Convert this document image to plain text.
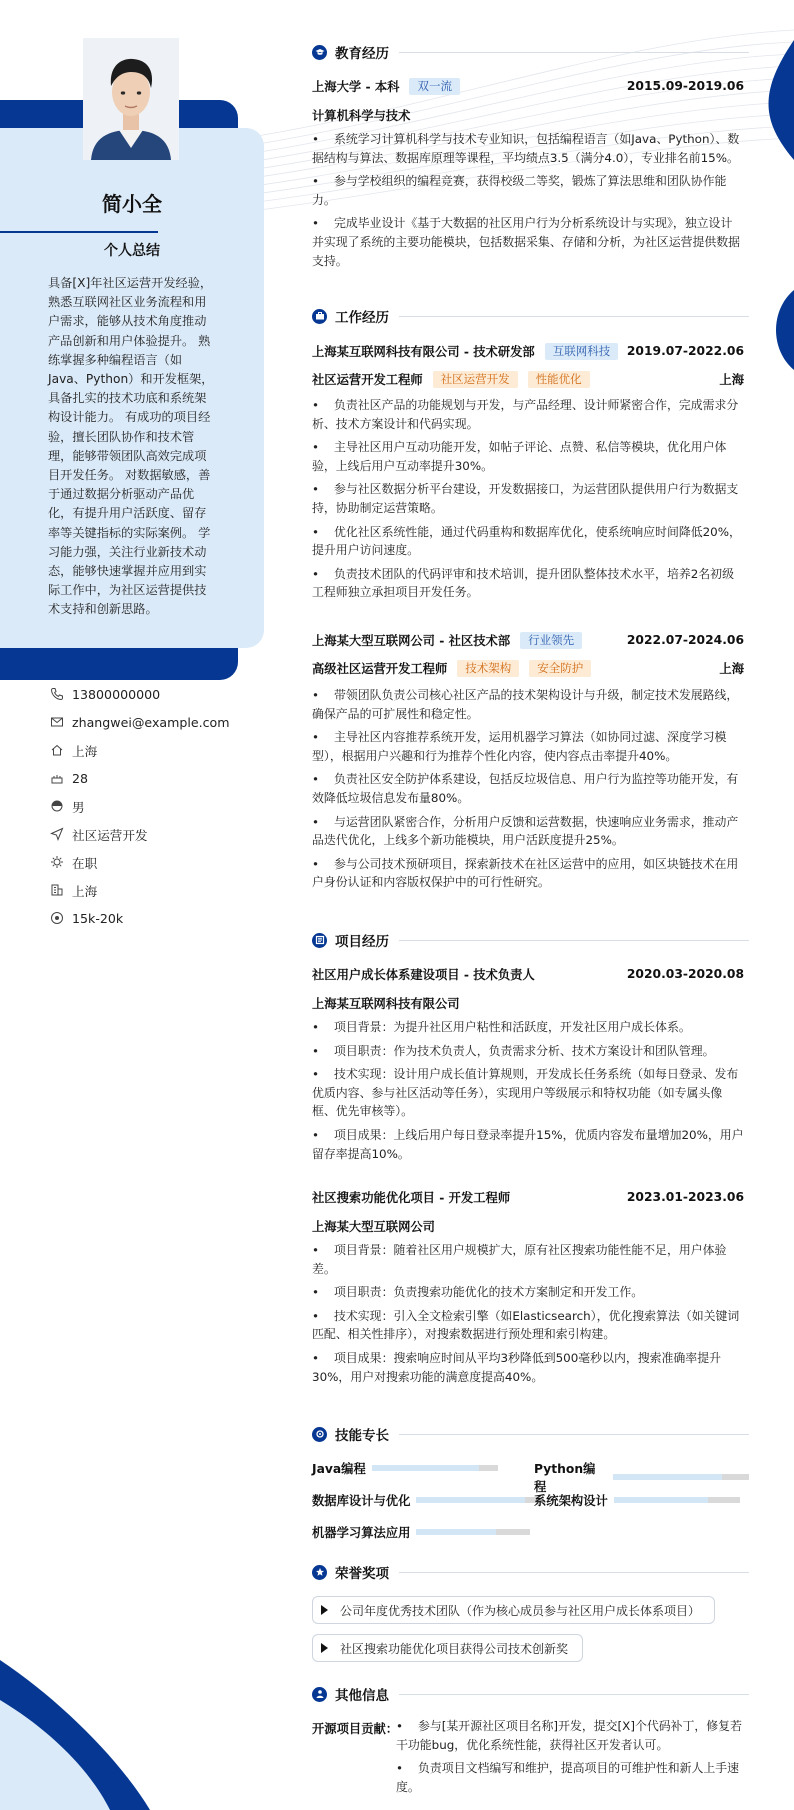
简小全
个人总结
具备[X]年社区运营开发经验，熟悉互联网社区业务流程和用户需求，能够从技术角度推动产品创新和用户体验提升。 熟练掌握多种编程语言（如Java、Python）和开发框架，具备扎实的技术功底和系统架构设计能力。 有成功的项目经验，擅长团队协作和技术管理，能够带领团队高效完成项目开发任务。 对数据敏感，善于通过数据分析驱动产品优化，有提升用户活跃度、留存率等关键指标的实际案例。 学习能力强，关注行业新技术动态，能够快速掌握并应用到实际工作中，为社区运营提供技术支持和创新思路。
13800000000
zhangwei@example.com
上海
28
男
社区运营开发
在职
上海
15k-20k
教育经历
上海大学 - 本科	双一流	2015.09-2019.06
计算机科学与技术
• 系统学习计算机科学与技术专业知识，包括编程语言（如Java、Python）、数据结构与算法、数据库原理等课程，平均绩点3.5（满分4.0），专业排名前15%。
• 参与学校组织的编程竞赛，获得校级二等奖，锻炼了算法思维和团队协作能力。
• 完成毕业设计《基于大数据的社区用户行为分析系统设计与实现》，独立设计并实现了系统的主要功能模块，包括数据采集、存储和分析，为社区运营提供数据支持。
工作经历
上海某互联网科技有限公司 - 技术研发部	互联网科技	2019.07-2022.06
社区运营开发工程师	社区运营开发	性能优化	上海
• 负责社区产品的功能规划与开发，与产品经理、设计师紧密合作，完成需求分析、技术方案设计和代码实现。
• 主导社区用户互动功能开发，如帖子评论、点赞、私信等模块，优化用户体验，上线后用户互动率提升30%。
• 参与社区数据分析平台建设，开发数据接口，为运营团队提供用户行为数据支持，协助制定运营策略。
• 优化社区系统性能，通过代码重构和数据库优化，使系统响应时间降低20%，提升用户访问速度。
• 负责技术团队的代码评审和技术培训，提升团队整体技术水平，培养2名初级工程师独立承担项目开发任务。
上海某大型互联网公司 - 社区技术部	行业领先	2022.07-2024.06
高级社区运营开发工程师	技术架构	安全防护	上海
• 带领团队负责公司核心社区产品的技术架构设计与升级，制定技术发展路线，确保产品的可扩展性和稳定性。
• 主导社区内容推荐系统开发，运用机器学习算法（如协同过滤、深度学习模型），根据用户兴趣和行为推荐个性化内容，使内容点击率提升40%。
• 负责社区安全防护体系建设，包括反垃圾信息、用户行为监控等功能开发，有效降低垃圾信息发布量80%。
• 与运营团队紧密合作，分析用户反馈和运营数据，快速响应业务需求，推动产品迭代优化，上线多个新功能模块，用户活跃度提升25%。
• 参与公司技术预研项目，探索新技术在社区运营中的应用，如区块链技术在用户身份认证和内容版权保护中的可行性研究。
项目经历
社区用户成长体系建设项目 - 技术负责人	2020.03-2020.08
上海某互联网科技有限公司
• 项目背景：为提升社区用户粘性和活跃度，开发社区用户成长体系。
• 项目职责：作为技术负责人，负责需求分析、技术方案设计和团队管理。
• 技术实现：设计用户成长值计算规则，开发成长任务系统（如每日登录、发布优质内容、参与社区活动等任务），实现用户等级展示和特权功能（如专属头像框、优先审核等）。
• 项目成果：上线后用户每日登录率提升15%，优质内容发布量增加20%，用户留存率提高10%。
社区搜索功能优化项目 - 开发工程师	2023.01-2023.06
上海某大型互联网公司
• 项目背景：随着社区用户规模扩大，原有社区搜索功能性能不足，用户体验差。
• 项目职责：负责搜索功能优化的技术方案制定和开发工作。
• 技术实现：引入全文检索引擎（如Elasticsearch），优化搜索算法（如关键词匹配、相关性排序），对搜索数据进行预处理和索引构建。
• 项目成果：搜索响应时间从平均3秒降低到500毫秒以内，搜索准确率提升30%，用户对搜索功能的满意度提高40%。
技能专长
Java编程	Python编程
数据库设计与优化	系统架构设计
机器学习算法应用
荣誉奖项
公司年度优秀技术团队（作为核心成员参与社区用户成长体系项目）
社区搜索功能优化项目获得公司技术创新奖
其他信息
开源项目贡献：
• 参与[某开源社区项目名称]开发，提交[X]个代码补丁，修复若干功能bug，优化系统性能，获得社区开发者认可。
• 负责项目文档编写和维护，提高项目的可维护性和新人上手速度。
